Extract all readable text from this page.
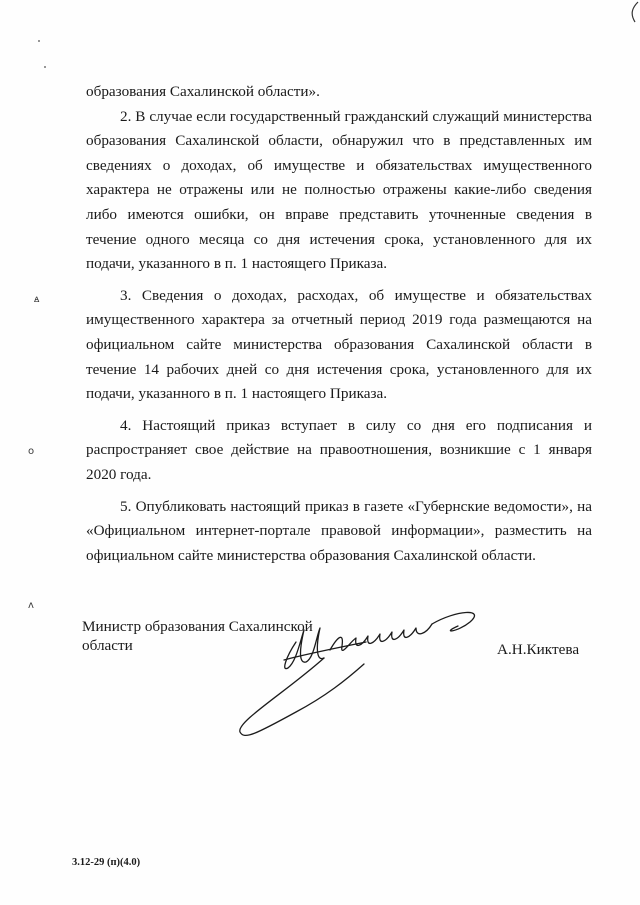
ꙙ
o
ʌ

образования Сахалинской области».

2. В случае если государственный гражданский служащий министерства образования Сахалинской области, обнаружил что в представленных им сведениях о доходах, об имуществе и обязательствах имущественного характера не отражены или не полностью отражены какие-либо сведения либо имеются ошибки, он вправе представить уточненные сведения в течение одного месяца со дня истечения срока, установленного для их подачи, указанного в п. 1 настоящего Приказа.

3. Сведения о доходах, расходах, об имуществе и обязательствах имущественного характера за отчетный период 2019 года размещаются на официальном сайте министерства образования Сахалинской области в течение 14 рабочих дней со дня истечения срока, установленного для их подачи, указанного в п. 1 настоящего Приказа.

4. Настоящий приказ вступает в силу со дня его подписания и распространяет свое действие на правоотношения, возникшие с 1 января 2020 года.

5. Опубликовать настоящий приказ в газете «Губернские ведомости», на «Официальном интернет-портале правовой информации», разместить на официальном сайте министерства образования Сахалинской области.

Министр образования Сахалинской области	А.Н.Киктева
3.12-29 (п)(4.0)
